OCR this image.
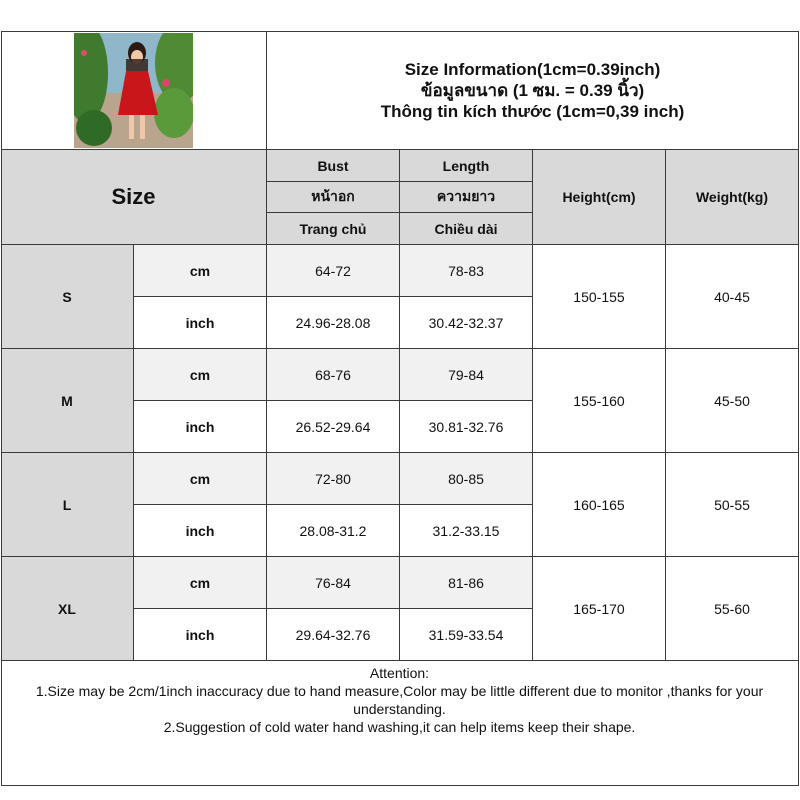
Size Information(1cm=0.39inch)
ข้อมูลขนาด (1 ซม. = 0.39 นิ้ว)
Thông tin kích thước (1cm=0,39 inch)
Size
Bust	Length
หน้าอก	ความยาว
Trang chủ	Chiều dài
Height(cm)	Weight(kg)
S
cm	64-72	78-83
inch	24.96-28.08	30.42-32.37
150-155	40-45
M
cm	68-76	79-84
inch	26.52-29.64	30.81-32.76
155-160	45-50
L
cm	72-80	80-85
inch	28.08-31.2	31.2-33.15
160-165	50-55
XL
cm	76-84	81-86
inch	29.64-32.76	31.59-33.54
165-170	55-60
Attention:
1.Size may be 2cm/1inch inaccuracy due to hand measure,Color may be little different due to monitor ,thanks for your understanding.
2.Suggestion of cold water hand washing,it can help items keep their shape.
